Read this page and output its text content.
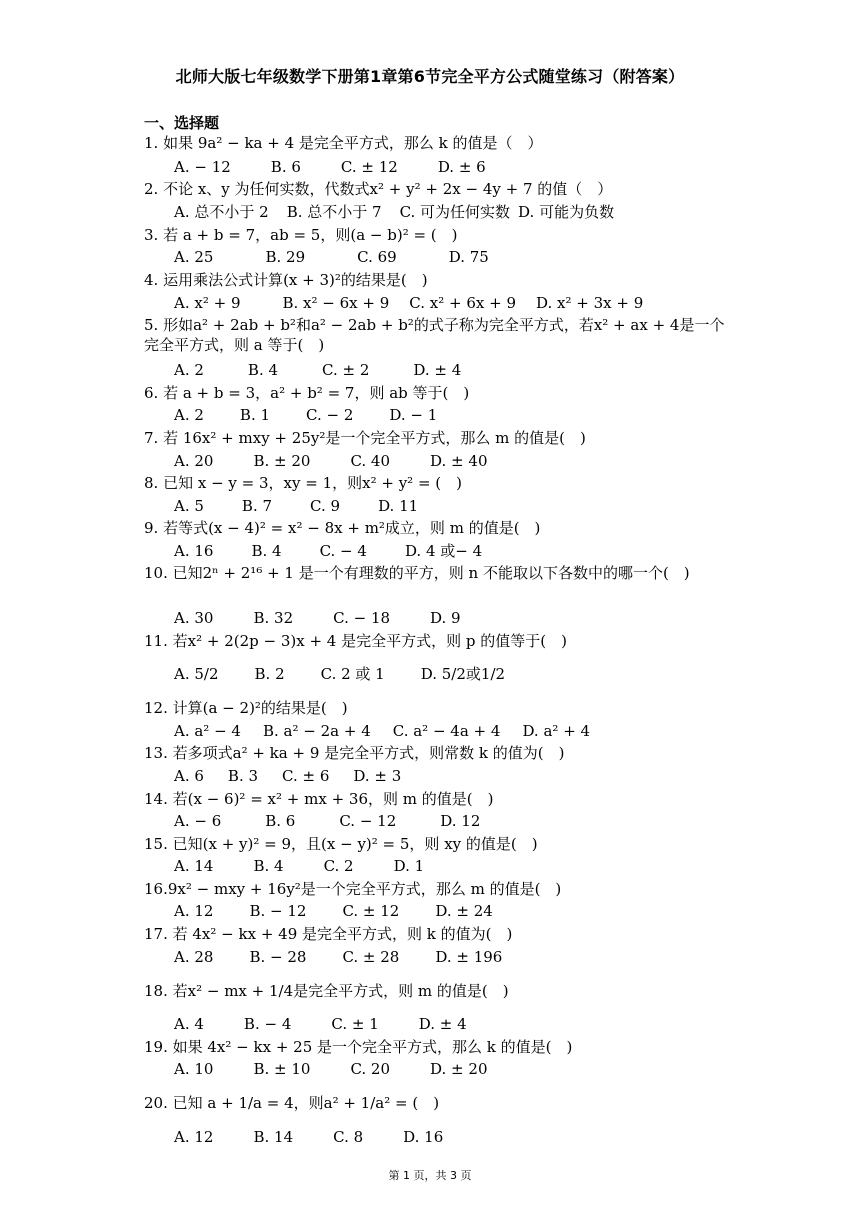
北师大版七年级数学下册第1章第6节完全平方公式随堂练习（附答案）
一、选择题
1. 如果 9a² − ka + 4 是完全平方式，那么 k 的值是（　）
A. − 12	B. 6	C. ± 12	D. ± 6
2. 不论 x、y 为任何实数，代数式x² + y² + 2x − 4y + 7 的值（　）
A. 总不小于 2 B. 总不小于 7 C. 可为任何实数 D. 可能为负数
3. 若 a + b = 7，ab = 5，则(a − b)² = (　)
A. 25	B. 29	C. 69	D. 75
4. 运用乘法公式计算(x + 3)²的结果是(　)
A. x² + 9	B. x² − 6x + 9 C. x² + 6x + 9 D. x² + 3x + 9
5. 形如a² + 2ab + b²和a² − 2ab + b²的式子称为完全平方式，若x² + ax + 4是一个完全平方式，则 a 等于(　)
A. 2	B. 4	C. ± 2	D. ± 4
6. 若 a + b = 3，a² + b² = 7，则 ab 等于(　)
A. 2 B. 1 C. − 2 D. − 1
7. 若 16x² + mxy + 25y²是一个完全平方式，那么 m 的值是(　)
A. 20	B. ± 20	C. 40	D. ± 40
8. 已知 x − y = 3，xy = 1，则x² + y² = (　)
A. 5	B. 7	C. 9	D. 11
9. 若等式(x − 4)² = x² − 8x + m²成立，则 m 的值是(　)
A. 16	B. 4	C. − 4	D. 4 或− 4
10. 已知2ⁿ + 2¹⁶ + 1 是一个有理数的平方，则 n 不能取以下各数中的哪一个(　)
A. 30	B. 32	C. − 18	D. 9
11. 若x² + 2(2p − 3)x + 4 是完全平方式，则 p 的值等于(　)
A. 5/2 B. 2 C. 2 或 1 D. 5/2或1/2
12. 计算(a − 2)²的结果是(　)
A. a² − 4 B. a² − 2a + 4 C. a² − 4a + 4 D. a² + 4
13. 若多项式a² + ka + 9 是完全平方式，则常数 k 的值为(　)
A. 6 B. 3 C. ± 6 D. ± 3
14. 若(x − 6)² = x² + mx + 36，则 m 的值是(　)
A. − 6	B. 6	C. − 12	D. 12
15. 已知(x + y)² = 9，且(x − y)² = 5，则 xy 的值是(　)
A. 14	B. 4	C. 2	D. 1
16.9x² − mxy + 16y²是一个完全平方式，那么 m 的值是(　)
A. 12 B. − 12 C. ± 12 D. ± 24
17. 若 4x² − kx + 49 是完全平方式，则 k 的值为(　)
A. 28 B. − 28 C. ± 28 D. ± 196
18. 若x² − mx + 1/4是完全平方式，则 m 的值是(　)
A. 4	B. − 4	C. ± 1	D. ± 4
19. 如果 4x² − kx + 25 是一个完全平方式，那么 k 的值是(　)
A. 10	B. ± 10	C. 20	D. ± 20
20. 已知 a + 1/a = 4，则a² + 1/a² = (　)
A. 12	B. 14	C. 8	D. 16
第 1 页，共 3 页
